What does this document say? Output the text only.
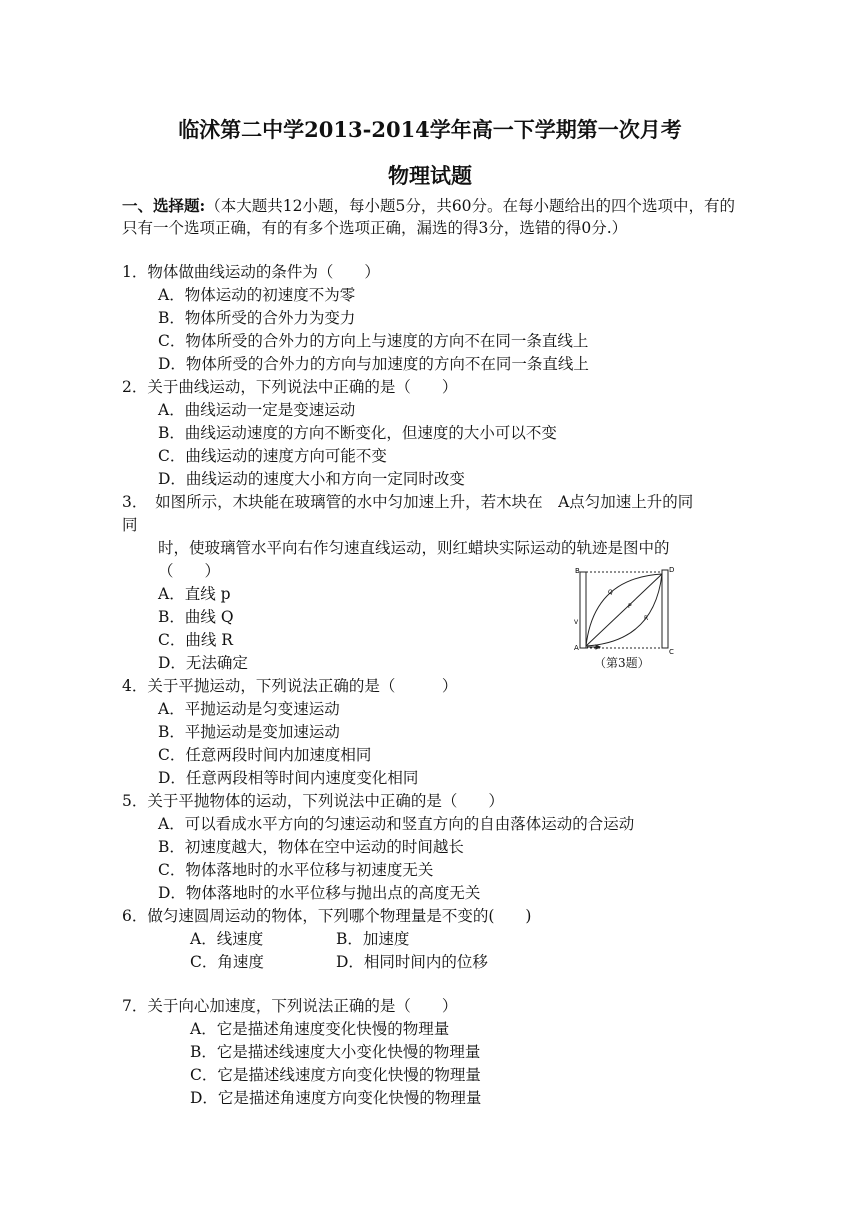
临沭第二中学2013-2014学年高一下学期第一次月考
物理试题
一、选择题:（本大题共12小题，每小题5分，共60分。在每小题给出的四个选项中，有的只有一个选项正确，有的有多个选项正确，漏选的得3分，选错的得0分.）
1．物体做曲线运动的条件为（　　）
A．物体运动的初速度不为零
B．物体所受的合外力为变力
C．物体所受的合外力的方向上与速度的方向不在同一条直线上
D．物体所受的合外力的方向与加速度的方向不在同一条直线上
2．关于曲线运动，下列说法中正确的是（　　）
A．曲线运动一定是变速运动
B．曲线运动速度的方向不断变化，但速度的大小可以不变
C．曲线运动的速度方向可能不变
D．曲线运动的速度大小和方向一定同时改变
3．　如图所示，木块能在玻璃管的水中匀加速上升，若木块在　A点匀加速上升的同
同
时，使玻璃管水平向右作匀速直线运动，则红蜡块实际运动的轨迹是图中的
（　　）
A．直线 p
B．曲线 Q
C．曲线 R
D．无法确定
B	D
Q
P
R
V
A	C
（第3题）
4．关于平抛运动，下列说法正确的是（　　　）
A．平抛运动是匀变速运动
B．平抛运动是变加速运动
C．任意两段时间内加速度相同
D．任意两段相等时间内速度变化相同
5．关于平抛物体的运动，下列说法中正确的是（　　）
A．可以看成水平方向的匀速运动和竖直方向的自由落体运动的合运动
B．初速度越大，物体在空中运动的时间越长
C．物体落地时的水平位移与初速度无关
D．物体落地时的水平位移与抛出点的高度无关
6．做匀速圆周运动的物体，下列哪个物理量是不变的(　　)
A．线速度	B．加速度
C．角速度	D．相同时间内的位移
7．关于向心加速度，下列说法正确的是（　　）
A．它是描述角速度变化快慢的物理量
B．它是描述线速度大小变化快慢的物理量
C．它是描述线速度方向变化快慢的物理量
D．它是描述角速度方向变化快慢的物理量
